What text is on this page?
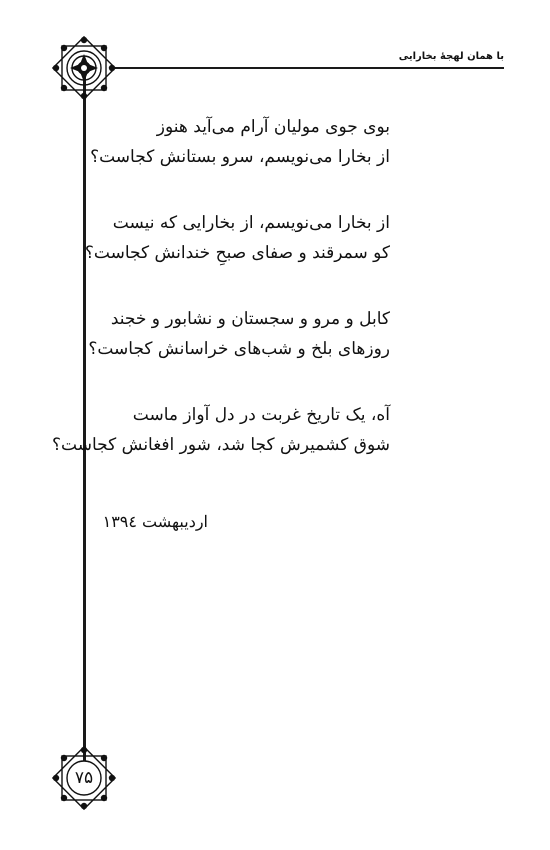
با همان لهجهٔ بخارایی
۷۵
بوی جوی مولیان آرام می‌آید هنوز
از بخارا می‌نویسم، سرو بستانش کجاست؟
از بخارا می‌نویسم، از بخارایی که نیست
کو سمرقند و صفای صبحِ خندانش کجاست؟
کابل و مرو و سجستان و نشابور و خجند
روزهای بلخ و شب‌های خراسانش کجاست؟
آه، یک تاریخ غربت در دل آواز ماست
شوق کشمیرش کجا شد، شور افغانش کجاست؟
اردیبهشت ۱۳۹٤
